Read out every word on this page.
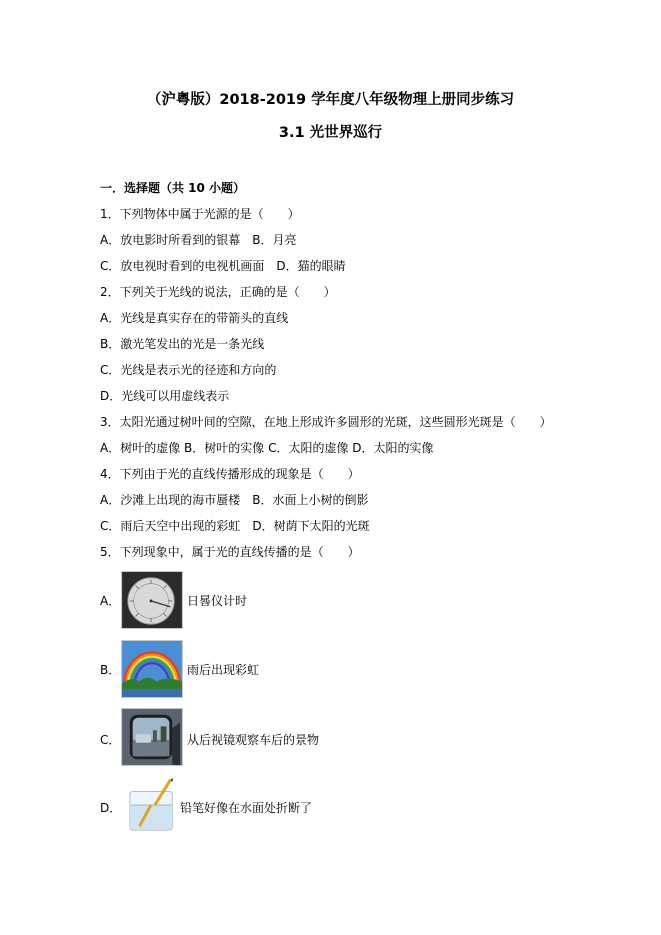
（沪粤版）2018-2019 学年度八年级物理上册同步练习
3.1 光世界巡行
一．选择题（共 10 小题）
1．下列物体中属于光源的是（　　）
A．放电影时所看到的银幕　B．月亮
C．放电视时看到的电视机画面　D．猫的眼睛
2．下列关于光线的说法，正确的是（　　）
A．光线是真实存在的带箭头的直线
B．激光笔发出的光是一条光线
C．光线是表示光的径迹和方向的
D．光线可以用虚线表示
3．太阳光通过树叶间的空隙，在地上形成许多圆形的光斑，这些圆形光斑是（　　）
A．树叶的虚像 B．树叶的实像 C．太阳的虚像 D．太阳的实像
4．下列由于光的直线传播形成的现象是（　　）
A．沙滩上出现的海市蜃楼　B．水面上小树的倒影
C．雨后天空中出现的彩虹　D．树荫下太阳的光斑
5．下列现象中，属于光的直线传播的是（　　）
A．	日晷仪计时
B．	雨后出现彩虹
C．	从后视镜观察车后的景物
D．	铅笔好像在水面处折断了
